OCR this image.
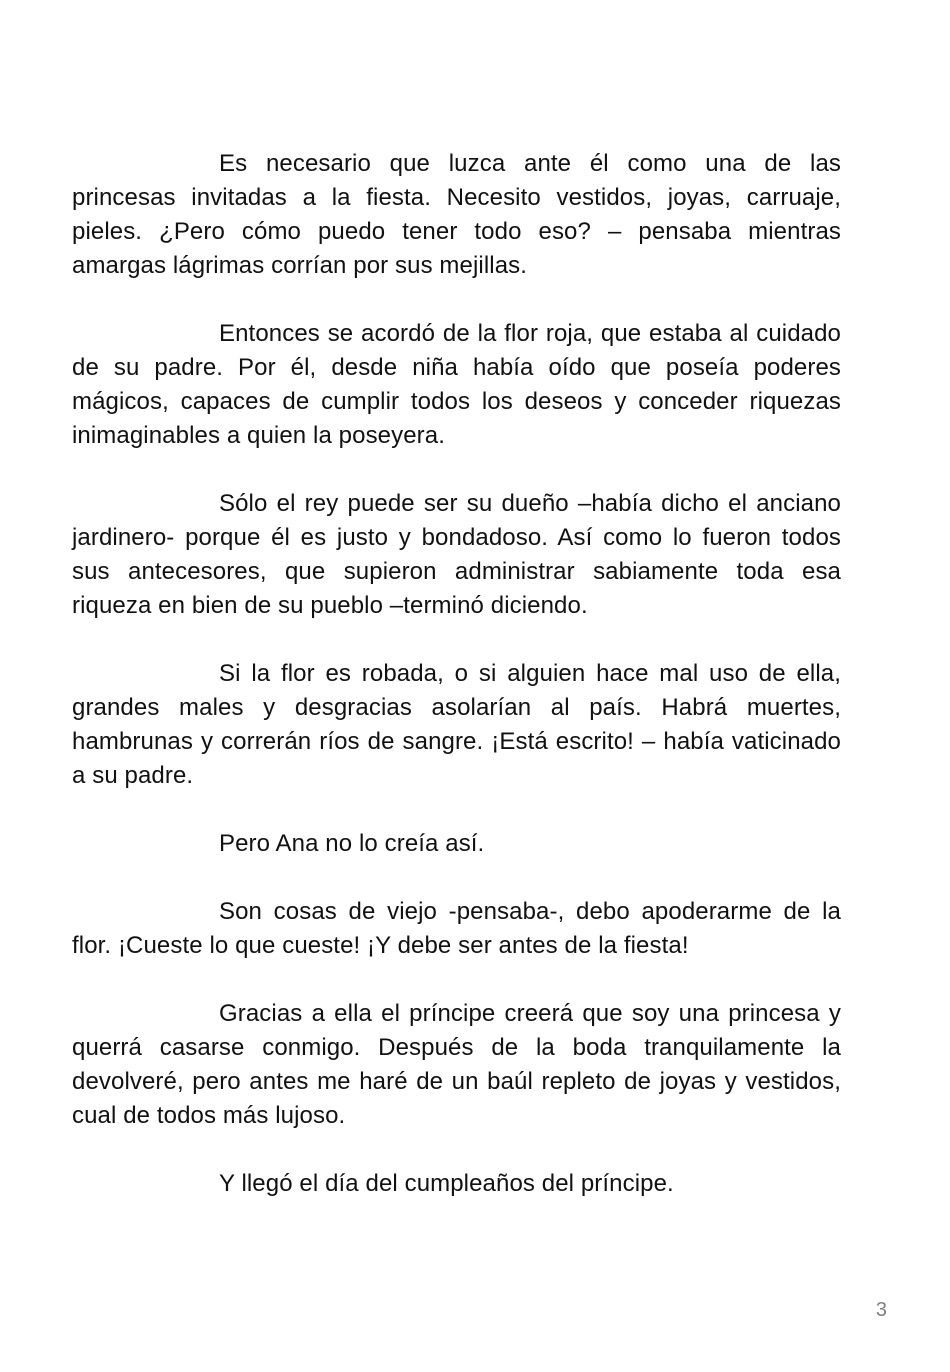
Es necesario que luzca ante él como una de las princesas invitadas a la fiesta. Necesito vestidos, joyas, carruaje, pieles. ¿Pero cómo puedo tener todo eso? – pensaba mientras amargas lágrimas corrían por sus mejillas.

Entonces se acordó de la flor roja, que estaba al cuidado de su padre. Por él, desde niña había oído que poseía poderes mágicos, capaces de cumplir todos los deseos y conceder riquezas inimaginables a quien la poseyera.

Sólo el rey puede ser su dueño –había dicho el anciano jardinero- porque él es justo y bondadoso. Así como lo fueron todos sus antecesores, que supieron administrar sabiamente toda esa riqueza en bien de su pueblo –terminó diciendo.

Si la flor es robada, o si alguien hace mal uso de ella, grandes males y desgracias asolarían al país. Habrá muertes, hambrunas y correrán ríos de sangre. ¡Está escrito! – había vaticinado a su padre.

Pero Ana no lo creía así.

Son cosas de viejo -pensaba-, debo apoderarme de la flor. ¡Cueste lo que cueste! ¡Y debe ser antes de la fiesta!

Gracias a ella el príncipe creerá que soy una princesa y querrá casarse conmigo. Después de la boda tranquilamente la devolveré, pero antes me haré de un baúl repleto de joyas y vestidos, cual de todos más lujoso.

Y llegó el día del cumpleaños del príncipe.

3
